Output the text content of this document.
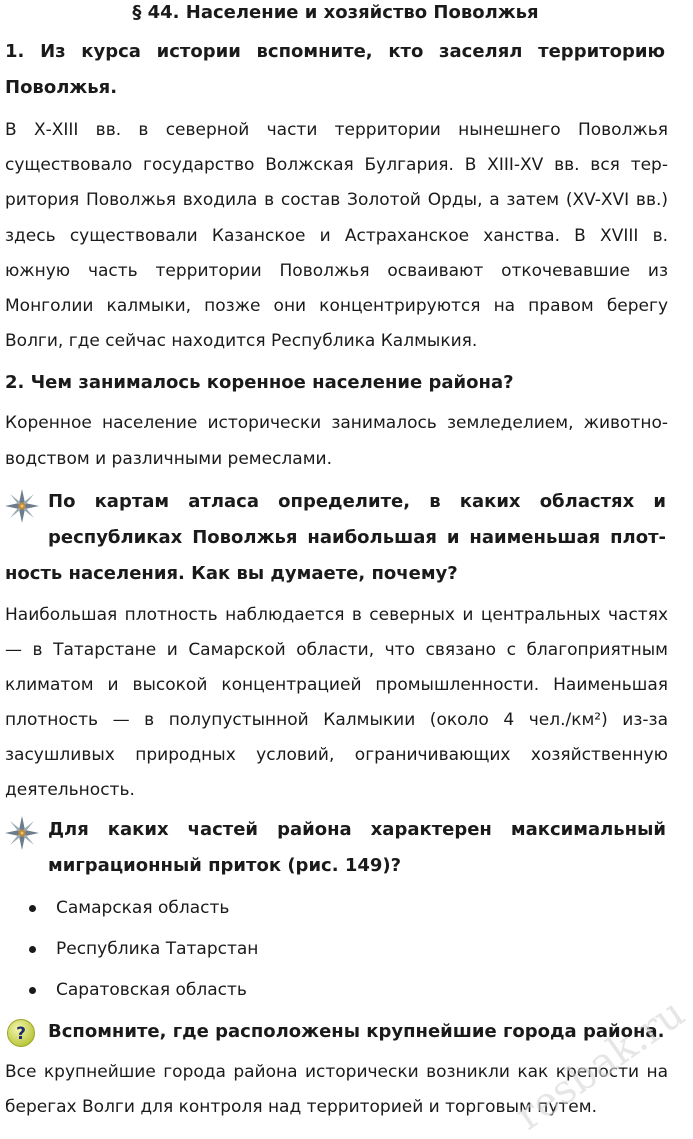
§ 44. Население и хозяйство Поволжья
1. Из курса истории вспомните, кто заселял территорию
Поволжья.
В Х-ХIII вв. в северной части территории нынешнего Поволжья
существовало государство Волжская Булгария. В ХIII-ХV вв. вся тер-
ритория Поволжья входила в состав Золотой Орды, а затем (ХV-ХVI вв.)
здесь существовали Казанское и Астраханское ханства. В ХVIII в.
южную часть территории Поволжья осваивают откочевавшие из
Монголии калмыки, позже они концентрируются на правом берегу
Волги, где сейчас находится Республика Калмыкия.
2. Чем занималось коренное население района?
Коренное население исторически занималось земледелием, животно-
водством и различными ремеслами.
По картам атласа определите, в каких областях и
республиках Поволжья наибольшая и наименьшая плот-
ность населения. Как вы думаете, почему?
Наибольшая плотность наблюдается в северных и центральных частях
— в Татарстане и Самарской области, что связано с благоприятным
климатом и высокой концентрацией промышленности. Наименьшая
плотность — в полупустынной Калмыкии (около 4 чел./км²) из-за
засушливых природных условий, ограничивающих хозяйственную
деятельность.
Для каких частей района характерен максимальный
миграционный приток (рис. 149)?
Самарская область
Республика Татарстан
Саратовская область
? Вспомните, где расположены крупнейшие города района.
Все крупнейшие города района исторически возникли как крепости на
берегах Волги для контроля над территорией и торговым путем.
resbak.ru
